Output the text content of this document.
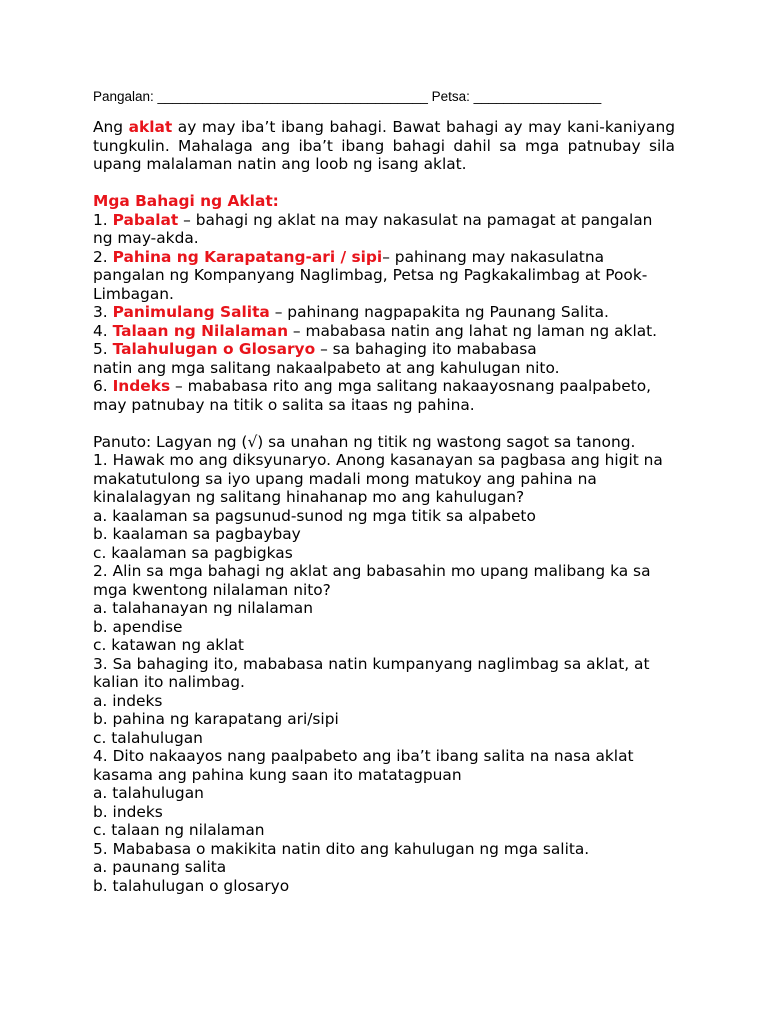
Pangalan: ____________________________________ Petsa: _________________

Ang aklat ay may iba’t ibang bahagi. Bawat bahagi ay may kani-kaniyang tungkulin. Mahalaga ang iba’t ibang bahagi dahil sa mga patnubay sila upang malalaman natin ang loob ng isang aklat.

Mga Bahagi ng Aklat:

1. Pabalat – bahagi ng aklat na may nakasulat na pamagat at pangalan ng may-akda.

2. Pahina ng Karapatang-ari / sipi– pahinang may nakasulatna pangalan ng Kompanyang Naglimbag, Petsa ng Pagkakalimbag at Pook-Limbagan.

3. Panimulang Salita – pahinang nagpapakita ng Paunang Salita.

4. Talaan ng Nilalaman – mababasa natin ang lahat ng laman ng aklat.

5. Talahulugan o Glosaryo – sa bahaging ito mababasa

natin ang mga salitang nakaalpabeto at ang kahulugan nito.

6. Indeks – mababasa rito ang mga salitang nakaayosnang paalpabeto, may patnubay na titik o salita sa itaas ng pahina.

Panuto: Lagyan ng (√) sa unahan ng titik ng wastong sagot sa tanong.

1. Hawak mo ang diksyunaryo. Anong kasanayan sa pagbasa ang higit na makatutulong sa iyo upang madali mong matukoy ang pahina na kinalalagyan ng salitang hinahanap mo ang kahulugan?

a. kaalaman sa pagsunud-sunod ng mga titik sa alpabeto

b. kaalaman sa pagbaybay

c. kaalaman sa pagbigkas

2. Alin sa mga bahagi ng aklat ang babasahin mo upang malibang ka sa mga kwentong nilalaman nito?

a. talahanayan ng nilalaman

b. apendise

c. katawan ng aklat

3. Sa bahaging ito, mababasa natin kumpanyang naglimbag sa aklat, at kalian ito nalimbag.

a. indeks

b. pahina ng karapatang ari/sipi

c. talahulugan

4. Dito nakaayos nang paalpabeto ang iba’t ibang salita na nasa aklat kasama ang pahina kung saan ito matatagpuan

a. talahulugan

b. indeks

c. talaan ng nilalaman

5. Mababasa o makikita natin dito ang kahulugan ng mga salita.

a. paunang salita

b. talahulugan o glosaryo
